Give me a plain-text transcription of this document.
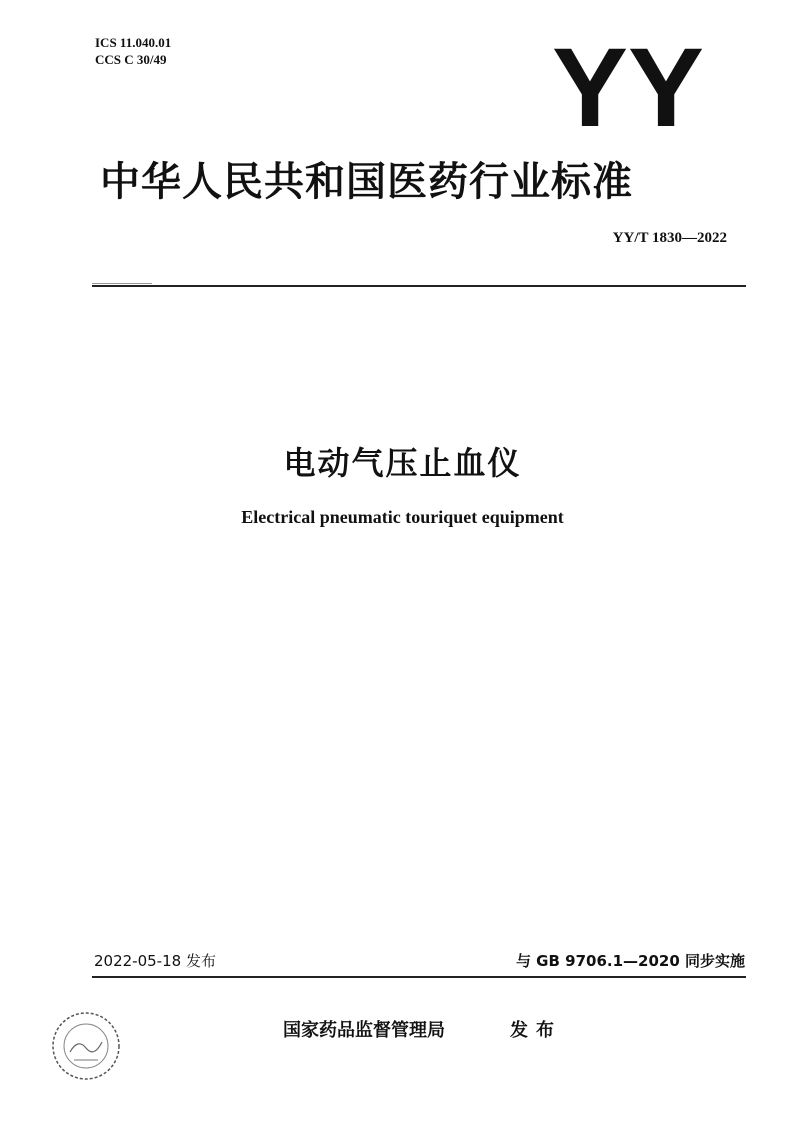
ICS 11.040.01
CCS C 30/49	YY
中华人民共和国医药行业标准
YY/T 1830—2022
电动气压止血仪
Electrical pneumatic touriquet equipment
2022-05-18 发布	与 GB 9706.1—2020 同步实施
国家药品监督管理局	发布
